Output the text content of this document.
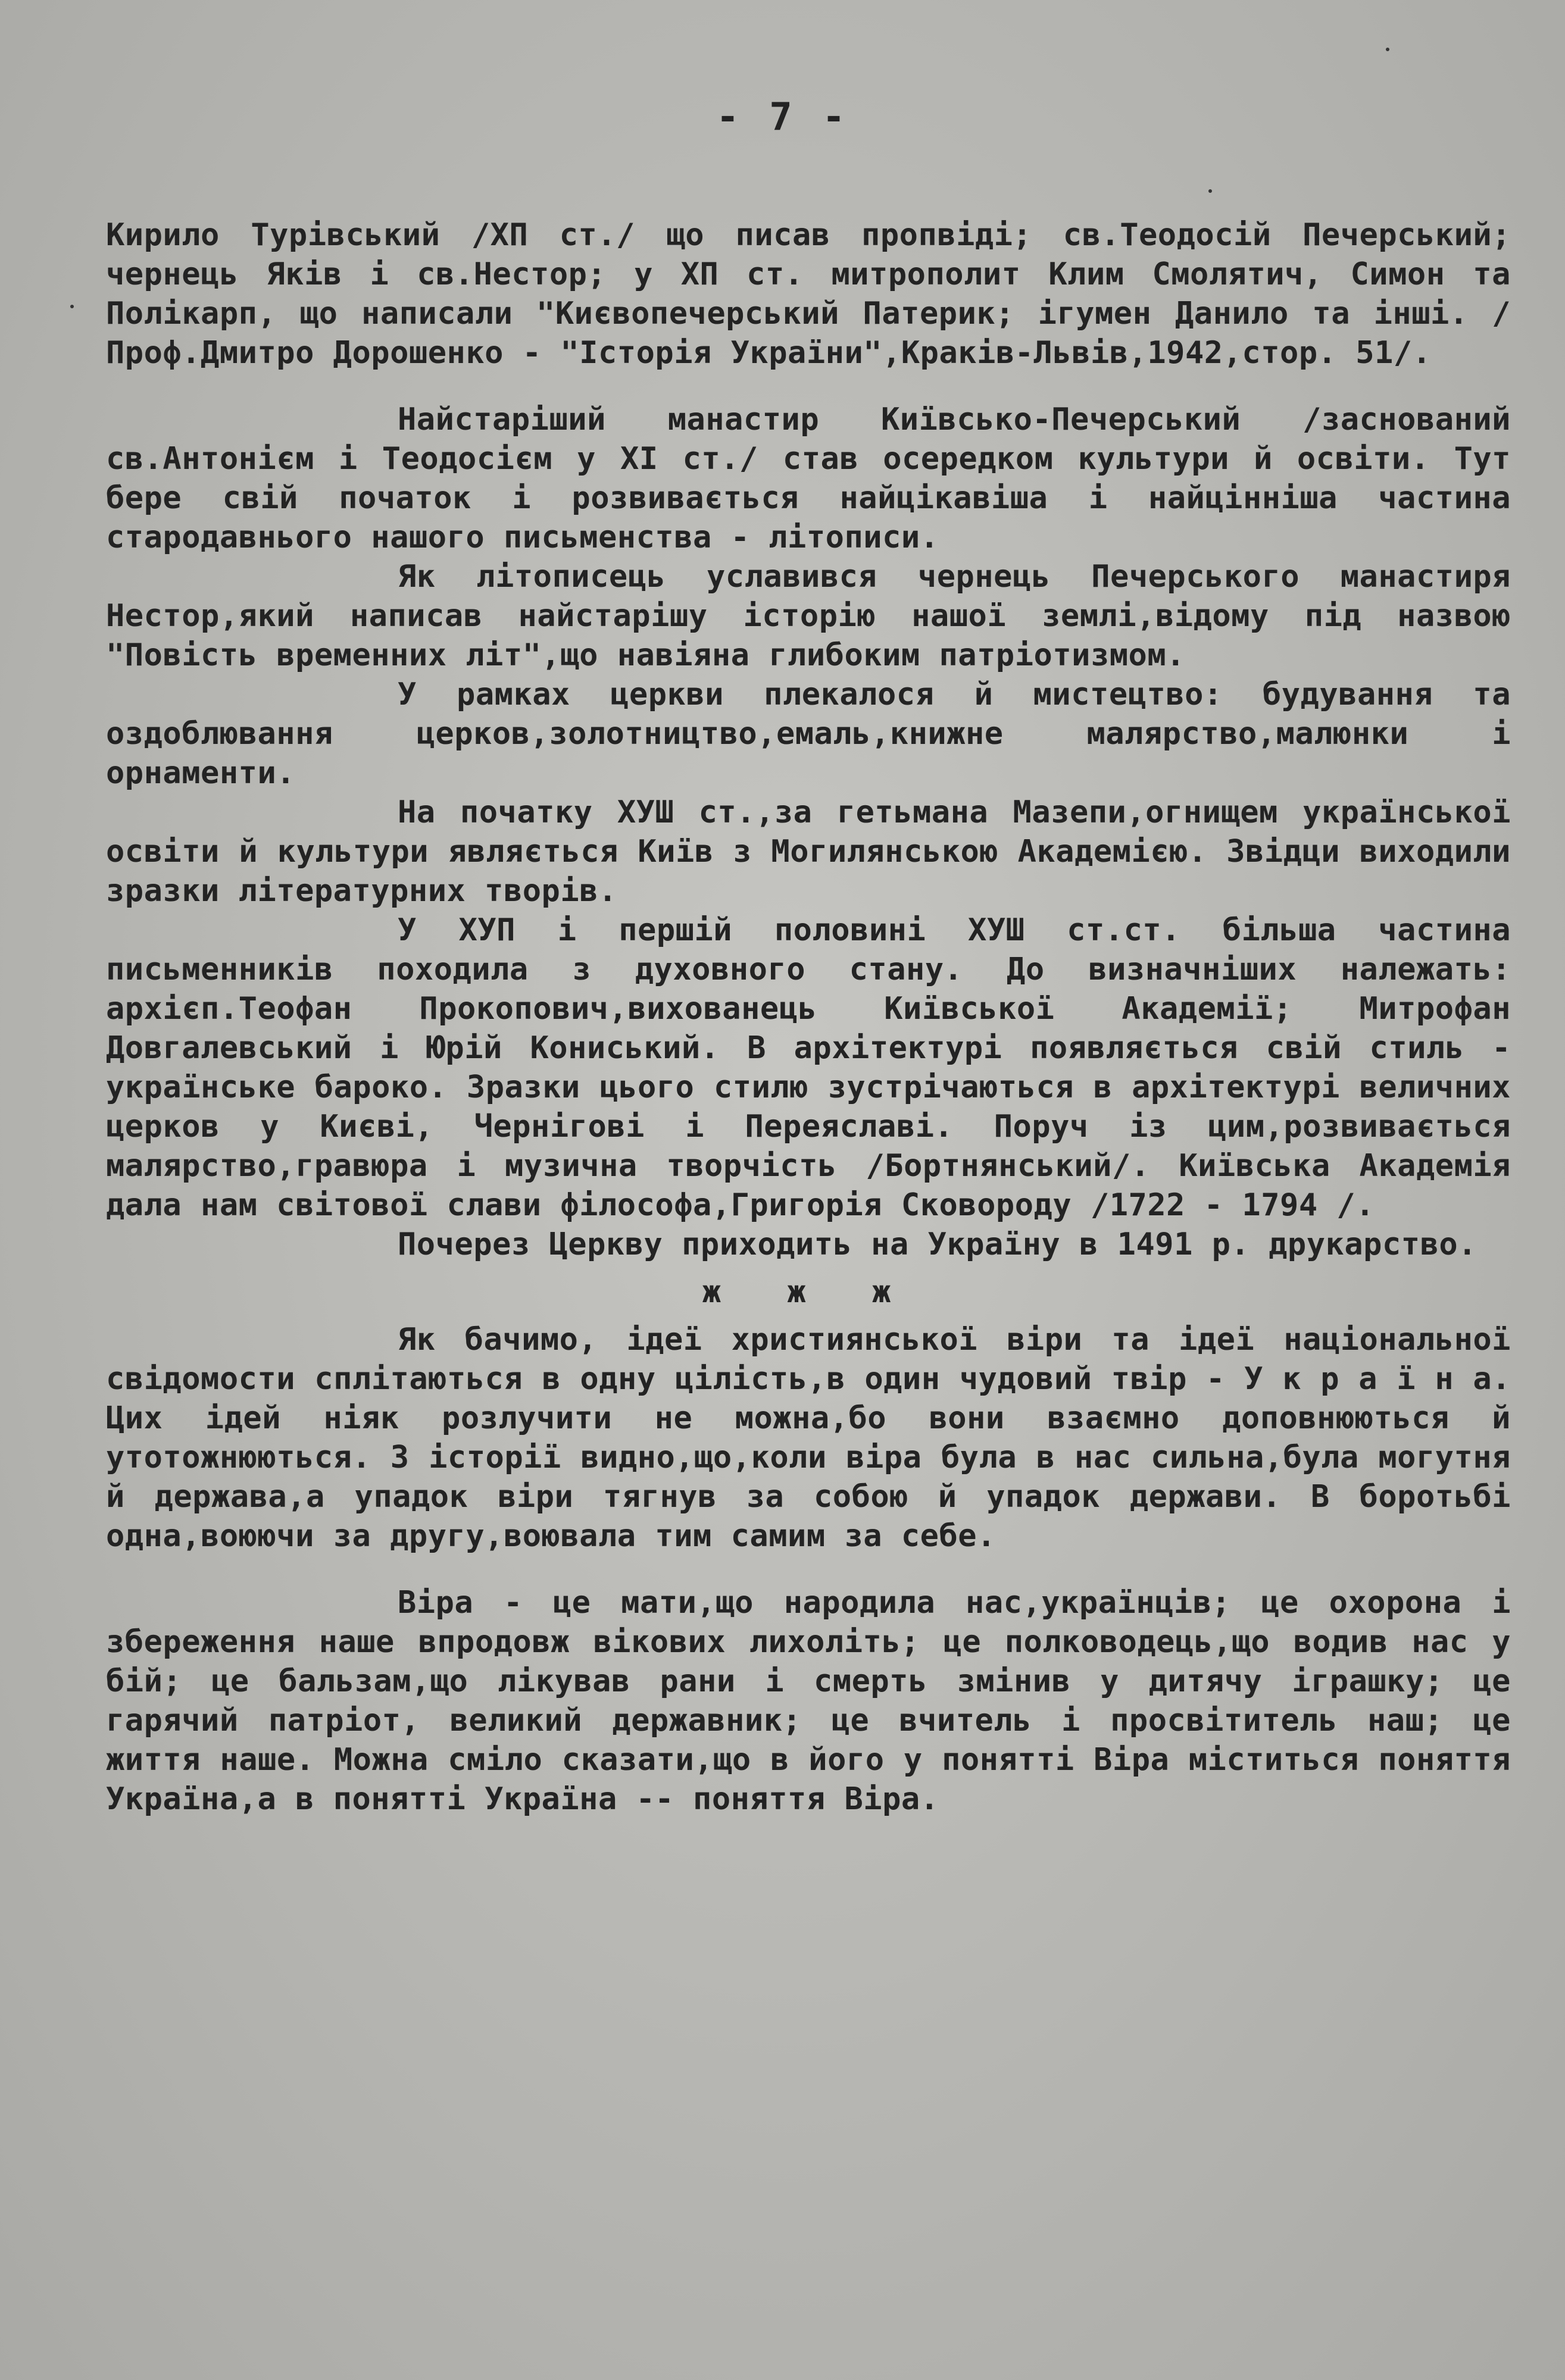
- 7 -

Кирило Турівський /ХП ст./ що писав пропвіді; св.Теодосій Печерський; чернець Яків і св.Нестор; у ХП ст. митрополит Клим Смолятич, Симон та Полікарп, що написали "Києвопечерський Патерик; ігумен Данило та інші. /Проф.Дмитро Дорошенко - "Історія України",Краків-Львів,1942,стор. 51/.

Найстаріший манастир Київсько-Печерський /заснований св.Антонієм і Теодосієм у ХІ ст./ став осередком культури й освіти. Тут бере свій початок і розвивається найцікавіша і найцінніша частина стародавнього нашого письменства - літописи.

Як літописець уславився чернець Печерського манастиря Нестор,який написав найстарішу історію нашої землі,відому під назвою "Повість временних літ",що навіяна глибоким патріотизмом.

У рамках церкви плекалося й мистецтво: будування та оздоблювання церков,золотництво,емаль,книжне малярство,малюнки і орнаменти.

На початку ХУШ ст.,за гетьмана Мазепи,огнищем української освіти й культури являється Київ з Могилянською Академією. Звідци виходили зразки літературних творів.

У ХУП і першій половині ХУШ ст.ст. більша частина письменників походила з духовного стану. До визначніших належать: архієп.Теофан Прокопович,вихованець Київської Академії; Митрофан Довгалевський і Юрій Кониський. В архітектурі появляється свій стиль - українське бароко. Зразки цього стилю зустрічаються в архітектурі величних церков у Києві, Чернігові і Переяславі. Поруч із цим,розвивається малярство,гравюра і музична творчість /Бортнянський/. Київська Академія дала нам світової слави філософа,Григорія Сковороду /1722 - 1794 /.

Почерез Церкву приходить на Україну в 1491 р. друкарство.

ж ж ж

Як бачимо, ідеї християнської віри та ідеї національної свідомости сплітаються в одну цілість,в один чудовий твір - У к р а ї н а. Цих ідей ніяк розлучити не можна,бо вони взаємно доповнюються й утотожнюються. З історії видно,що,коли віра була в нас сильна,була могутня й держава,а упадок віри тягнув за собою й упадок держави. В боротьбі одна,воюючи за другу,воювала тим самим за себе.

Віра - це мати,що народила нас,українців; це охорона і збереження наше впродовж вікових лихоліть; це полководець,що водив нас у бій; це бальзам,що лікував рани і смерть змінив у дитячу іграшку; це гарячий патріот, великий державник; це вчитель і просвітитель наш; це життя наше. Можна сміло сказати,що в його у понятті Віра міститься поняття Україна,а в понятті Україна -- поняття Віра.
